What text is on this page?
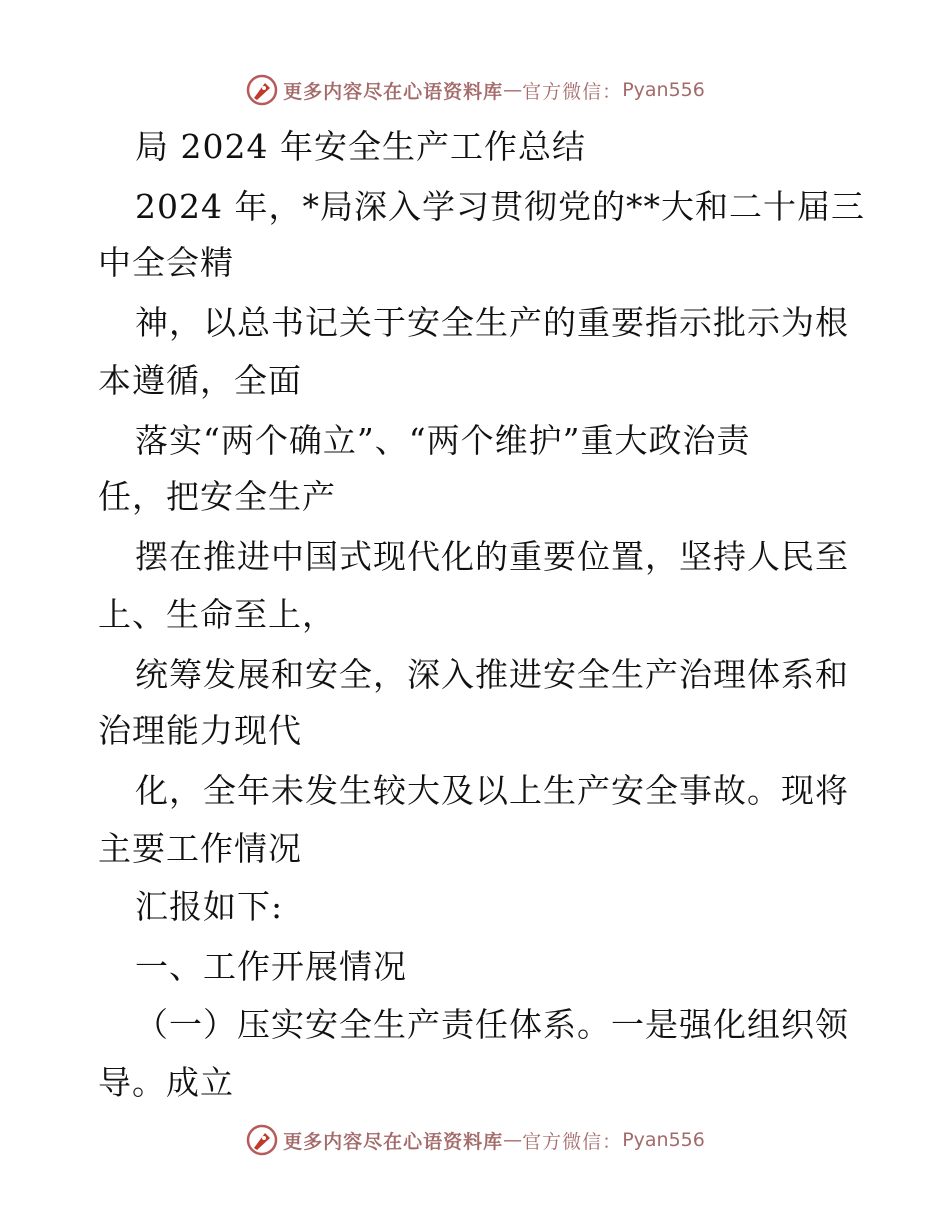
更多内容尽在心语资料库 — 官方微信： Pyan556
局 2024 年安全生产工作总结
2024 年，*局深入学习贯彻党的**大和二十届三
中全会精
神，以总书记关于安全生产的重要指示批示为根
本遵循，全面
落实“两个确立”、“两个维护”重大政治责
任，把安全生产
摆在推进中国式现代化的重要位置，坚持人民至
上、生命至上，
统筹发展和安全，深入推进安全生产治理体系和
治理能力现代
化，全年未发生较大及以上生产安全事故。现将
主要工作情况
汇报如下:
一、工作开展情况
（一）压实安全生产责任体系。一是强化组织领
导。成立
更多内容尽在心语资料库 — 官方微信： Pyan556
